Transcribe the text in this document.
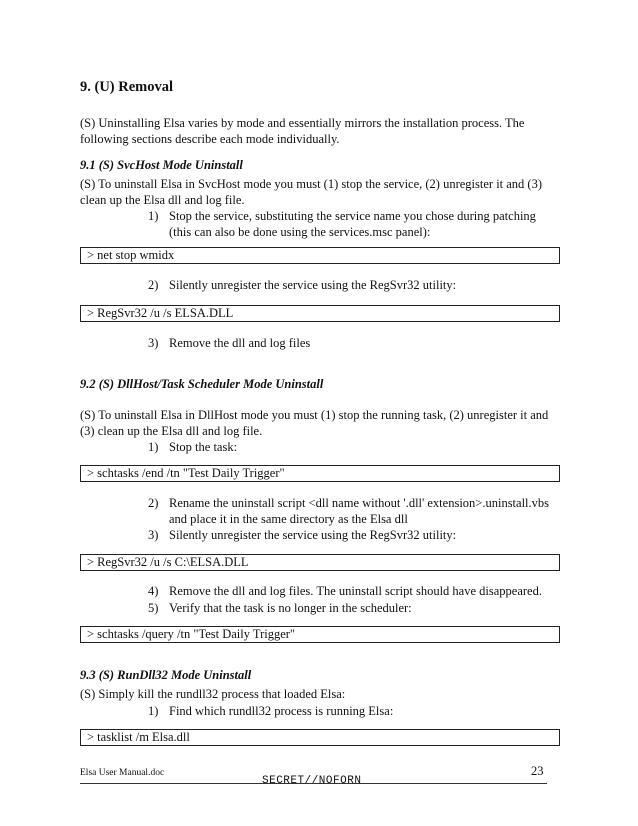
9. (U) Removal
(S) Uninstalling Elsa varies by mode and essentially mirrors the installation process. The following sections describe each mode individually.
9.1 (S) SvcHost Mode Uninstall
(S) To uninstall Elsa in SvcHost mode you must (1) stop the service, (2) unregister it and (3) clean up the Elsa dll and log file.
1) Stop the service, substituting the service name you chose during patching (this can also be done using the services.msc panel):
> net stop wmidx
2) Silently unregister the service using the RegSvr32 utility:
> RegSvr32 /u /s ELSA.DLL
3) Remove the dll and log files
9.2 (S) DllHost/Task Scheduler Mode Uninstall
(S) To uninstall Elsa in DllHost mode you must (1) stop the running task, (2) unregister it and (3) clean up the Elsa dll and log file.
1) Stop the task:
> schtasks /end /tn "Test Daily Trigger"
2) Rename the uninstall script <dll name without '.dll' extension>.uninstall.vbs and place it in the same directory as the Elsa dll
3) Silently unregister the service using the RegSvr32 utility:
> RegSvr32 /u /s C:\ELSA.DLL
4) Remove the dll and log files. The uninstall script should have disappeared.
5) Verify that the task is no longer in the scheduler:
> schtasks /query /tn "Test Daily Trigger"
9.3 (S) RunDll32 Mode Uninstall
(S) Simply kill the rundll32 process that loaded Elsa:
1) Find which rundll32 process is running Elsa:
> tasklist /m Elsa.dll
Elsa User Manual.doc	23
SECRET//NOFORN
